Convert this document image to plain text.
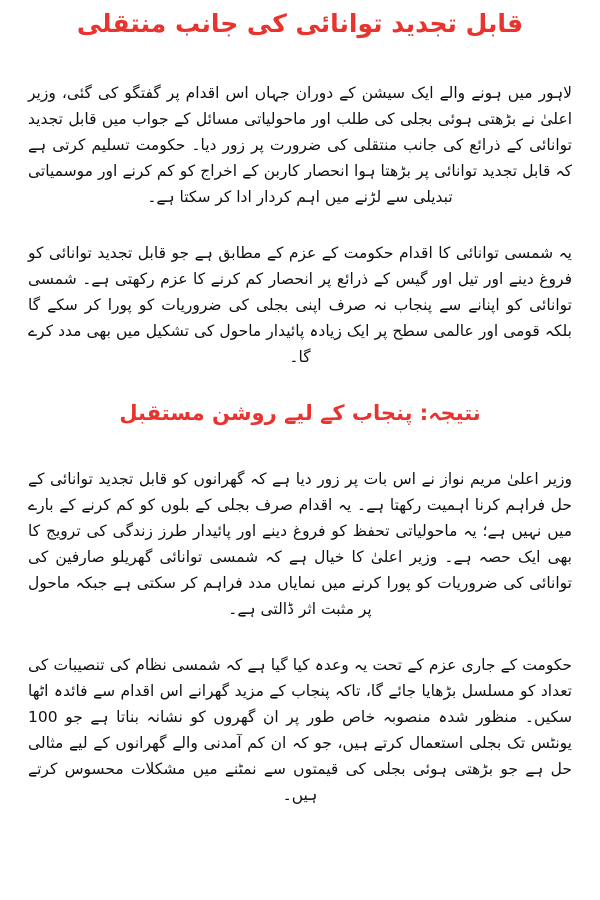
قابل تجدید توانائی کی جانب منتقلی

لاہور میں ہونے والے ایک سیشن کے دوران جہاں اس اقدام پر گفتگو کی گئی، وزیر اعلیٰ نے بڑھتی ہوئی بجلی کی طلب اور ماحولیاتی مسائل کے جواب میں قابل تجدید توانائی کے ذرائع کی جانب منتقلی کی ضرورت پر زور دیا۔ حکومت تسلیم کرتی ہے کہ قابل تجدید توانائی پر بڑھتا ہوا انحصار کاربن کے اخراج کو کم کرنے اور موسمیاتی تبدیلی سے لڑنے میں اہم کردار ادا کر سکتا ہے۔

یہ شمسی توانائی کا اقدام حکومت کے عزم کے مطابق ہے جو قابل تجدید توانائی کو فروغ دینے اور تیل اور گیس کے ذرائع پر انحصار کم کرنے کا عزم رکھتی ہے۔ شمسی توانائی کو اپنانے سے پنجاب نہ صرف اپنی بجلی کی ضروریات کو پورا کر سکے گا بلکہ قومی اور عالمی سطح پر ایک زیادہ پائیدار ماحول کی تشکیل میں بھی مدد کرے گا۔

نتیجہ: پنجاب کے لیے روشن مستقبل

وزیر اعلیٰ مریم نواز نے اس بات پر زور دیا ہے کہ گھرانوں کو قابل تجدید توانائی کے حل فراہم کرنا اہمیت رکھتا ہے۔ یہ اقدام صرف بجلی کے بلوں کو کم کرنے کے بارے میں نہیں ہے؛ یہ ماحولیاتی تحفظ کو فروغ دینے اور پائیدار طرز زندگی کی ترویج کا بھی ایک حصہ ہے۔ وزیر اعلیٰ کا خیال ہے کہ شمسی توانائی گھریلو صارفین کی توانائی کی ضروریات کو پورا کرنے میں نمایاں مدد فراہم کر سکتی ہے جبکہ ماحول پر مثبت اثر ڈالتی ہے۔

حکومت کے جاری عزم کے تحت یہ وعدہ کیا گیا ہے کہ شمسی نظام کی تنصیبات کی تعداد کو مسلسل بڑھایا جائے گا، تاکہ پنجاب کے مزید گھرانے اس اقدام سے فائدہ اٹھا سکیں۔ منظور شدہ منصوبہ خاص طور پر ان گھروں کو نشانہ بناتا ہے جو 100 یونٹس تک بجلی استعمال کرتے ہیں، جو کہ ان کم آمدنی والے گھرانوں کے لیے مثالی حل ہے جو بڑھتی ہوئی بجلی کی قیمتوں سے نمٹنے میں مشکلات محسوس کرتے ہیں۔
